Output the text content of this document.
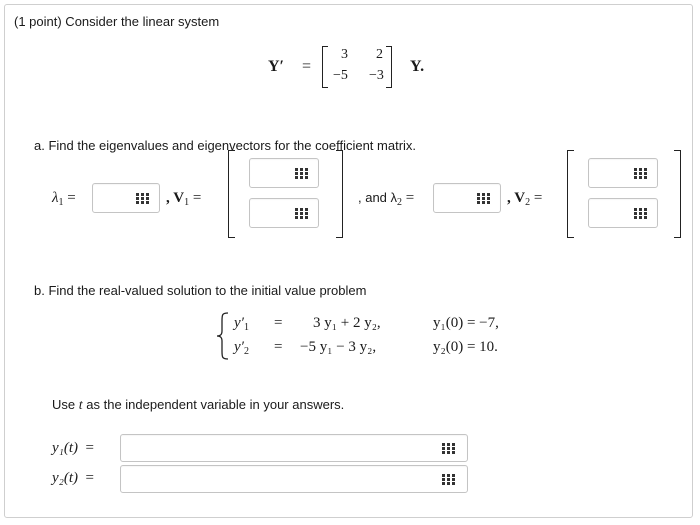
(1 point) Consider the linear system
Y′ =
3 2
−5 −3
Y.
a. Find the eigenvalues and eigenvectors for the coefficient matrix.
$\lambda_1$ =	, $V_1$ =	, and $\lambda_2$ =	, $V_2$ =
b. Find the real-valued solution to the initial value problem
$y'_1 = 3$ y₁ + 2 y₂,	y₁(0) = −7,
$y'_2 = -5$ y₁ − 3 y₂,	y₂(0) = 10.
Use t as the independent variable in your answers.
y₁(t) =
y₂(t) =
